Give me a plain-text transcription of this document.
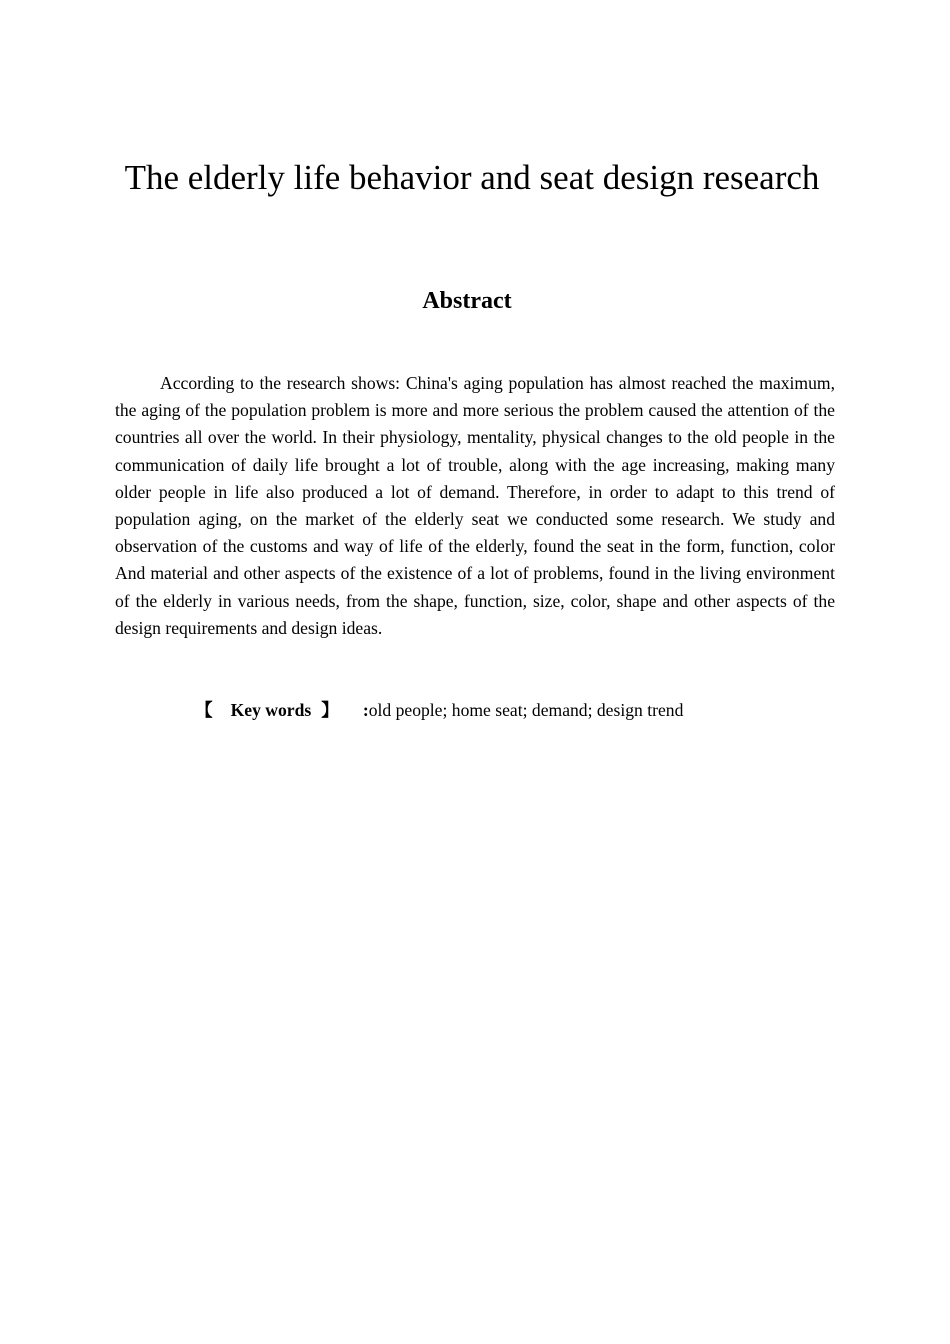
The elderly life behavior and seat design research
Abstract

According to the research shows: China's aging population has almost reached the maximum, the aging of the population problem is more and more serious the problem caused the attention of the countries all over the world. In their physiology, mentality, physical changes to the old people in the communication of daily life brought a lot of trouble, along with the age increasing, making many older people in life also produced a lot of demand. Therefore, in order to adapt to this trend of population aging, on the market of the elderly seat we conducted some research. We study and observation of the customs and way of life of the elderly, found the seat in the form, function, color And material and other aspects of the existence of a lot of problems, found in the living environment of the elderly in various needs, from the shape, function, size, color, shape and other aspects of the design requirements and design ideas.

【 Key words 】 :old people; home seat; demand; design trend
